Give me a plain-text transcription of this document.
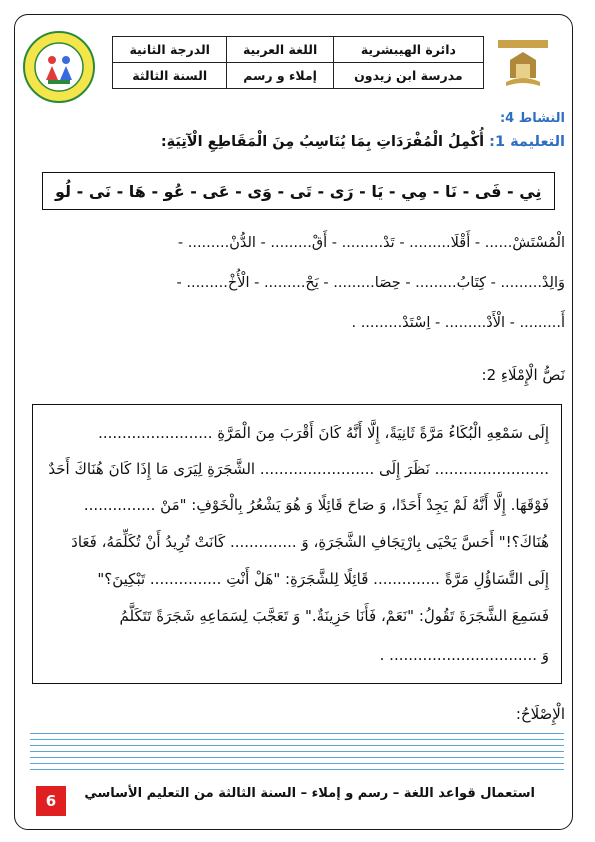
دائرة الهيبشرية	اللغة العربية	الدرجة الثانية
مدرسة ابن زيدون	إملاء و رسم	السنة الثالثة
النشاط 4:
التعليمة 1: أُكْمِلُ الْمُفْرَدَاتِ بِمَا يُنَاسِبُ مِنَ الْمَقَاطِعِ الْآتِيَةِ:
نِي - فَى - نَا - مِي - يَا - رَى - تَى - وَى - عَى - عُو - هَا - نَى - لُو
الْمُسْتَشْ...... - أَقْلَا......... - تَدْ......... - أَقْ......... - الدُّنْ......... -
وَالِدْ......... - كِتَابُ......... - حِصَا......... - يَحْ......... - الْأُخْ......... -
أَ......... - الْأَدْ......... - اِسْتَدْ......... .
نَصُّ الْإِمْلَاءِ 2:
إِلَى سَمْعِهِ الْبُكَاءُ مَرَّةً ثَانِيَةً، إِلَّا أَنَّهُ كَانَ أَقْرَبَ مِنَ الْمَرَّةِ ........................
........................ نَظَرَ إِلَى ........................ الشَّجَرَةِ لِيَرَى مَا إِذَا كَانَ هُنَاكَ أَحَدٌ
فَوْقَهَا. إِلَّا أَنَّهُ لَمْ يَجِدْ أَحَدًا، وَ صَاحَ قَائِلًا وَ هُوَ يَشْعُرُ بِالْخَوْفِ: "مَنْ ...............
هُنَاكَ؟!" أَحَسَّ يَحْيَى بِارْتِجَافِ الشَّجَرَةِ، وَ .............. كَانَتْ تُرِيدُ أَنْ تُكَلِّمَهُ، فَعَادَ
إِلَى التَّسَاؤُلِ مَرَّةً .............. قَائِلًا لِلشَّجَرَةِ: "هَلْ أَنْتِ ............... تَبْكِينَ؟"
فَسَمِعَ الشَّجَرَةَ تَقُولُ: "نَعَمْ، فَأَنَا حَزِينَةٌ." وَ تَعَجَّبَ لِسَمَاعِهِ شَجَرَةً تَتَكَلَّمُ
وَ ............................... .
الْإِصْلَاحُ:
استعمال قواعد اللغة – رسم و إملاء – السنة الثالثة من التعليم الأساسي
6
